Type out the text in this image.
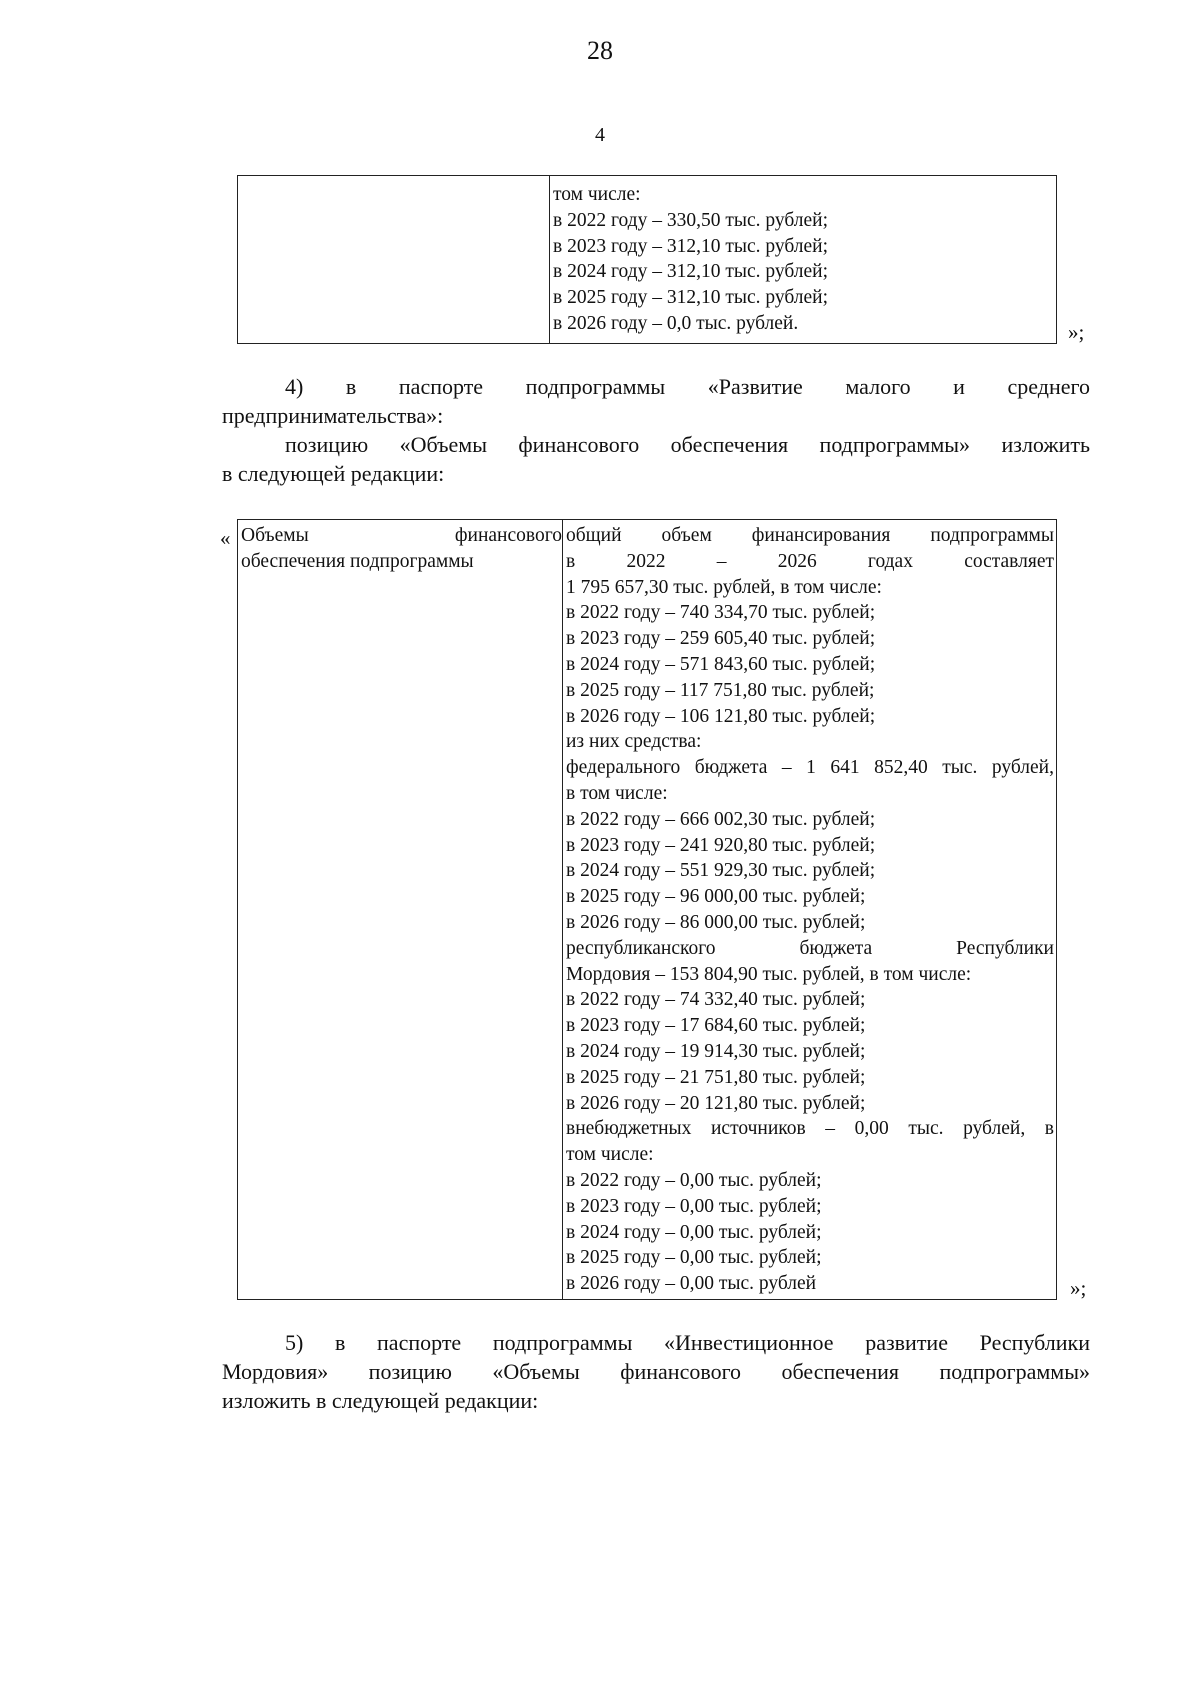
28
4
том числе:
в 2022 году – 330,50 тыс. рублей;
в 2023 году – 312,10 тыс. рублей;
в 2024 году – 312,10 тыс. рублей;
в 2025 году – 312,10 тыс. рублей;
в 2026 году – 0,0 тыс. рублей.	»;
4) в паспорте подпрограммы «Развитие малого и среднего
предпринимательства»:
позицию «Объемы финансового обеспечения подпрограммы» изложить
в следующей редакции:
« Объемы финансового
обеспечения подпрограммы
общий объем финансирования подпрограммы
в 2022 – 2026 годах составляет
1 795 657,30 тыс. рублей, в том числе:
в 2022 году – 740 334,70 тыс. рублей;
в 2023 году – 259 605,40 тыс. рублей;
в 2024 году – 571 843,60 тыс. рублей;
в 2025 году – 117 751,80 тыс. рублей;
в 2026 году – 106 121,80 тыс. рублей;
из них средства:
федерального бюджета – 1 641 852,40 тыс. рублей,
в том числе:
в 2022 году – 666 002,30 тыс. рублей;
в 2023 году – 241 920,80 тыс. рублей;
в 2024 году – 551 929,30 тыс. рублей;
в 2025 году – 96 000,00 тыс. рублей;
в 2026 году – 86 000,00 тыс. рублей;
республиканского бюджета Республики
Мордовия – 153 804,90 тыс. рублей, в том числе:
в 2022 году – 74 332,40 тыс. рублей;
в 2023 году – 17 684,60 тыс. рублей;
в 2024 году – 19 914,30 тыс. рублей;
в 2025 году – 21 751,80 тыс. рублей;
в 2026 году – 20 121,80 тыс. рублей;
внебюджетных источников – 0,00 тыс. рублей, в
том числе:
в 2022 году – 0,00 тыс. рублей;
в 2023 году – 0,00 тыс. рублей;
в 2024 году – 0,00 тыс. рублей;
в 2025 году – 0,00 тыс. рублей;
в 2026 году – 0,00 тыс. рублей	»;
5) в паспорте подпрограммы «Инвестиционное развитие Республики
Мордовия» позицию «Объемы финансового обеспечения подпрограммы»
изложить в следующей редакции:
